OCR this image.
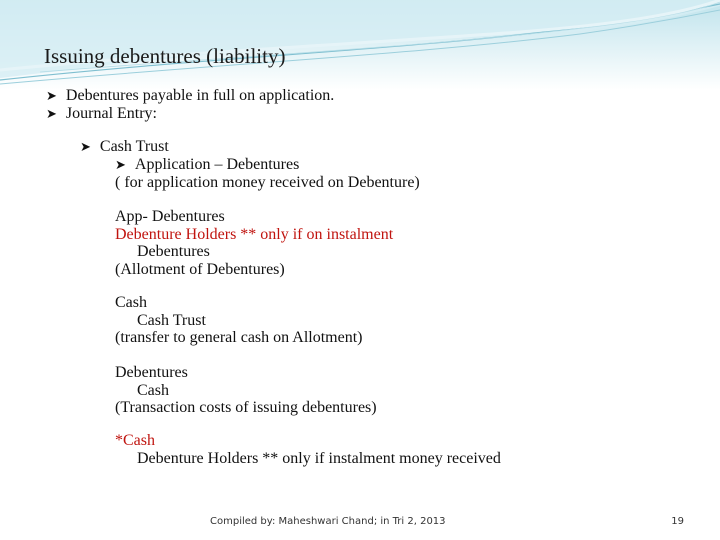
Issuing debentures (liability)
➤ Debentures payable in full on application.
➤ Journal Entry:
➤ Cash Trust
➤ Application – Debentures
( for application money received on Debenture)
App- Debentures
Debenture Holders ** only if on instalment
Debentures
(Allotment of Debentures)
Cash
Cash Trust
(transfer to general cash on Allotment)
Debentures
Cash
(Transaction costs of issuing debentures)
*Cash
Debenture Holders ** only if instalment money received
Compiled by: Maheshwari Chand; in Tri 2, 2013	19
